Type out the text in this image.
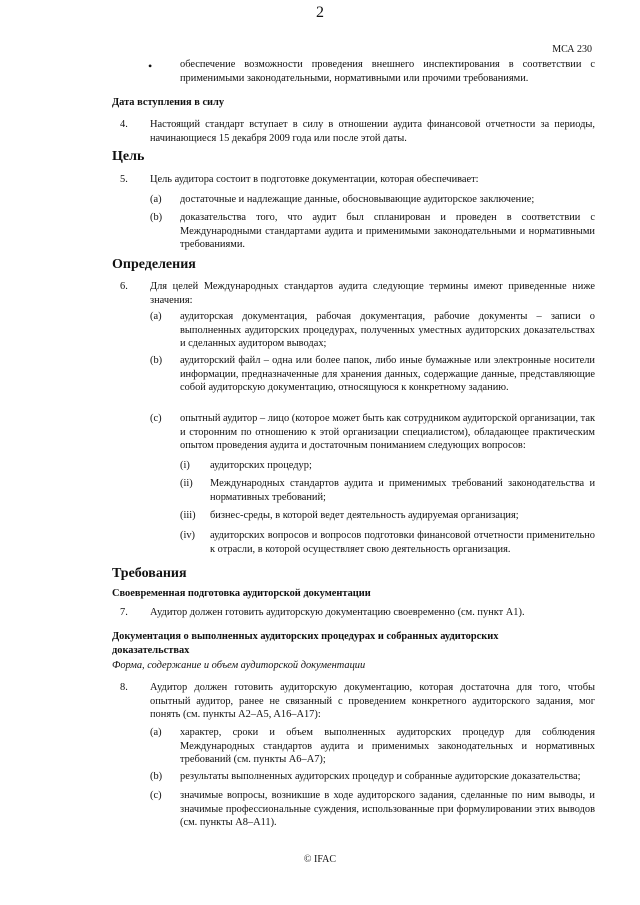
2
МСА 230
•	обеспечение возможности проведения внешнего инспектирования в соответствии с применимыми законодательными, нормативными или прочими требованиями.
Дата вступления в силу
4. Настоящий стандарт вступает в силу в отношении аудита финансовой отчетности за периоды, начинающиеся 15 декабря 2009 года или после этой даты.
Цель
5. Цель аудитора состоит в подготовке документации, которая обеспечивает:
(a) достаточные и надлежащие данные, обосновывающие аудиторское заключение;
(b) доказательства того, что аудит был спланирован и проведен в соответствии с Международными стандартами аудита и применимыми законодательными и нормативными требованиями.
Определения
6. Для целей Международных стандартов аудита следующие термины имеют приведенные ниже значения:
(a) аудиторская документация, рабочая документация, рабочие документы – записи о выполненных аудиторских процедурах, полученных уместных аудиторских доказательствах и сделанных аудитором выводах;
(b) аудиторский файл – одна или более папок, либо иные бумажные или электронные носители информации, предназначенные для хранения данных, содержащие данные, представляющие собой аудиторскую документацию, относящуюся к конкретному заданию.
(c) опытный аудитор – лицо (которое может быть как сотрудником аудиторской организации, так и сторонним по отношению к этой организации специалистом), обладающее практическим опытом проведения аудита и достаточным пониманием следующих вопросов:
(i) аудиторских процедур;
(ii) Международных стандартов аудита и применимых требований законодательства и нормативных требований;
(iii) бизнес-среды, в которой ведет деятельность аудируемая организация;
(iv) аудиторских вопросов и вопросов подготовки финансовой отчетности применительно к отрасли, в которой осуществляет свою деятельность организация.
Требования
Своевременная подготовка аудиторской документации
7. Аудитор должен готовить аудиторскую документацию своевременно (см. пункт A1).
Документация о выполненных аудиторских процедурах и собранных аудиторских доказательствах
Форма, содержание и объем аудиторской документации
8. Аудитор должен готовить аудиторскую документацию, которая достаточна для того, чтобы опытный аудитор, ранее не связанный с проведением конкретного аудиторского задания, мог понять (см. пункты A2–A5, A16–A17):
(a) характер, сроки и объем выполненных аудиторских процедур для соблюдения Международных стандартов аудита и применимых законодательных и нормативных требований (см. пункты A6–A7);
(b) результаты выполненных аудиторских процедур и собранные аудиторские доказательства;
(c) значимые вопросы, возникшие в ходе аудиторского задания, сделанные по ним выводы, и значимые профессиональные суждения, использованные при формулировании этих выводов (см. пункты A8–A11).
© IFAC
